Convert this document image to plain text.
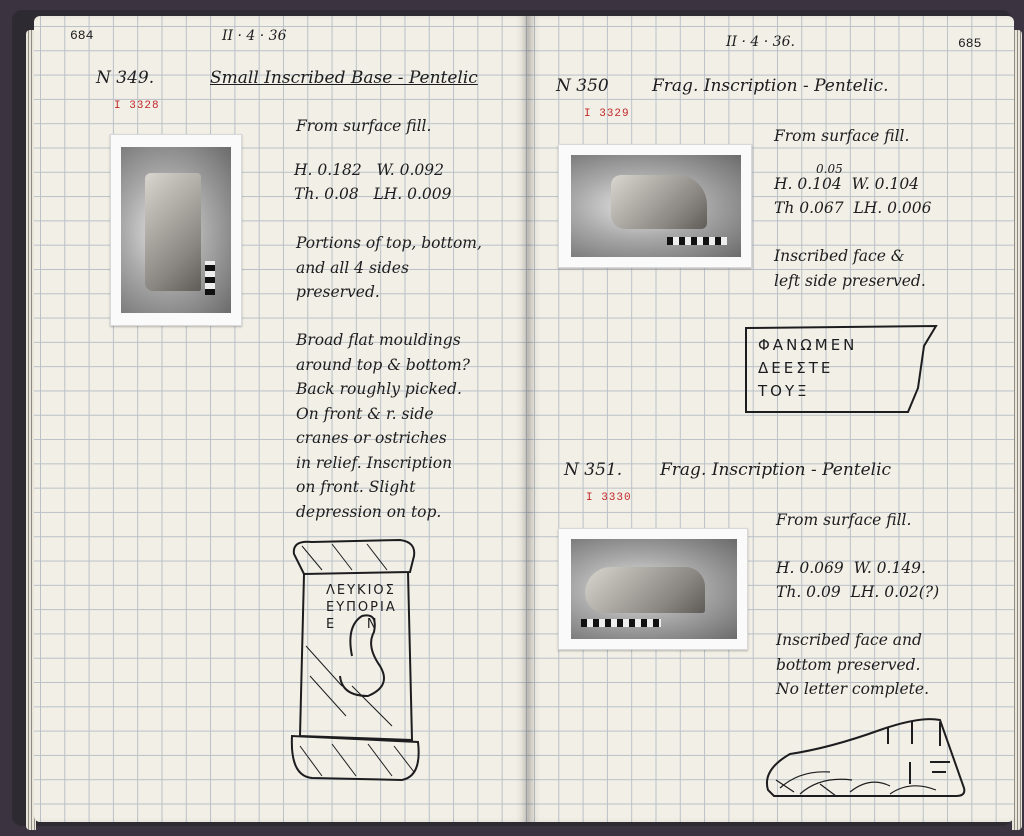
684	II · 4 · 36
N 349.	Small Inscribed Base - Pentelic
I 3328
From surface fill.
H. 0.182   W. 0.092
Th. 0.08   LH. 0.009
Portions of top, bottom,
and all 4 sides
preserved.
Broad flat mouldings
around top & bottom?
Back roughly picked.
On front & r. side
cranes or ostriches
in relief. Inscription
on front. Slight
depression on top.
ΛΕΥΚΙΟΣ
ΕΥΠΟΡΙΑ
Ε     Ν
II · 4 · 36.	685
N 350	Frag. Inscription - Pentelic.
I 3329
From surface fill.
0.05
H. 0.104  W. 0.104
Th 0.067  LH. 0.006
Inscribed face &
left side preserved.
ΦΑΝΩΜΕΝ
ΔΕΕΣΤΕ
ΤΟΥΞ
N 351. Frag. Inscription - Pentelic
I 3330
From surface fill.
H. 0.069  W. 0.149.
Th. 0.09  LH. 0.02(?)
Inscribed face and
bottom preserved.
No letter complete.
